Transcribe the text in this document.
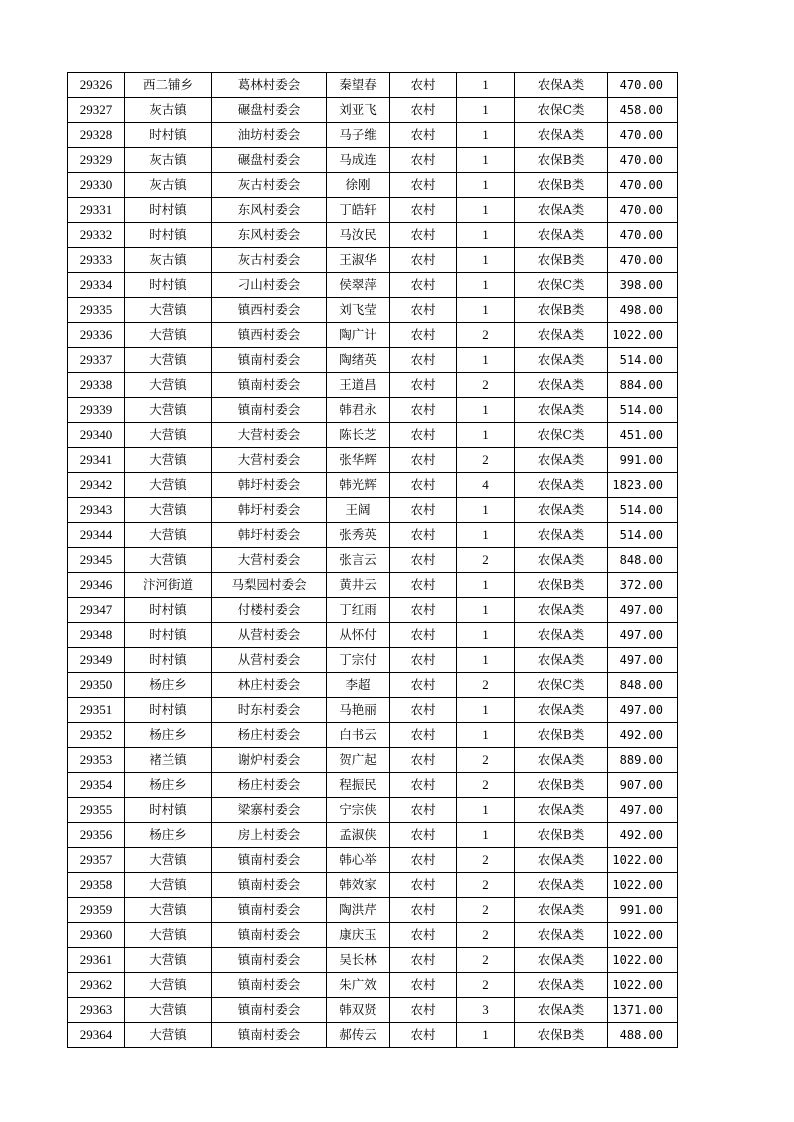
29326	西二铺乡	葛林村委会	秦望春	农村	1	农保A类	470.00
29327	灰古镇	碾盘村委会	刘亚飞	农村	1	农保C类	458.00
29328	时村镇	油坊村委会	马子维	农村	1	农保A类	470.00
29329	灰古镇	碾盘村委会	马成连	农村	1	农保B类	470.00
29330	灰古镇	灰古村委会	徐刚	农村	1	农保B类	470.00
29331	时村镇	东风村委会	丁皓轩	农村	1	农保A类	470.00
29332	时村镇	东风村委会	马汝民	农村	1	农保A类	470.00
29333	灰古镇	灰古村委会	王淑华	农村	1	农保B类	470.00
29334	时村镇	刁山村委会	侯翠萍	农村	1	农保C类	398.00
29335	大营镇	镇西村委会	刘飞莹	农村	1	农保B类	498.00
29336	大营镇	镇西村委会	陶广计	农村	2	农保A类	1022.00
29337	大营镇	镇南村委会	陶绪英	农村	1	农保A类	514.00
29338	大营镇	镇南村委会	王道昌	农村	2	农保A类	884.00
29339	大营镇	镇南村委会	韩君永	农村	1	农保A类	514.00
29340	大营镇	大营村委会	陈长芝	农村	1	农保C类	451.00
29341	大营镇	大营村委会	张华辉	农村	2	农保A类	991.00
29342	大营镇	韩圩村委会	韩光辉	农村	4	农保A类	1823.00
29343	大营镇	韩圩村委会	王阔	农村	1	农保A类	514.00
29344	大营镇	韩圩村委会	张秀英	农村	1	农保A类	514.00
29345	大营镇	大营村委会	张言云	农村	2	农保A类	848.00
29346	汴河街道	马梨园村委会	黄井云	农村	1	农保B类	372.00
29347	时村镇	付楼村委会	丁红雨	农村	1	农保A类	497.00
29348	时村镇	从营村委会	从怀付	农村	1	农保A类	497.00
29349	时村镇	从营村委会	丁宗付	农村	1	农保A类	497.00
29350	杨庄乡	林庄村委会	李超	农村	2	农保C类	848.00
29351	时村镇	时东村委会	马艳丽	农村	1	农保A类	497.00
29352	杨庄乡	杨庄村委会	白书云	农村	1	农保B类	492.00
29353	褚兰镇	谢炉村委会	贺广起	农村	2	农保A类	889.00
29354	杨庄乡	杨庄村委会	程振民	农村	2	农保B类	907.00
29355	时村镇	梁寨村委会	宁宗侠	农村	1	农保A类	497.00
29356	杨庄乡	房上村委会	孟淑侠	农村	1	农保B类	492.00
29357	大营镇	镇南村委会	韩心举	农村	2	农保A类	1022.00
29358	大营镇	镇南村委会	韩效家	农村	2	农保A类	1022.00
29359	大营镇	镇南村委会	陶洪芹	农村	2	农保A类	991.00
29360	大营镇	镇南村委会	康庆玉	农村	2	农保A类	1022.00
29361	大营镇	镇南村委会	吴长林	农村	2	农保A类	1022.00
29362	大营镇	镇南村委会	朱广效	农村	2	农保A类	1022.00
29363	大营镇	镇南村委会	韩双贤	农村	3	农保A类	1371.00
29364	大营镇	镇南村委会	郝传云	农村	1	农保B类	488.00
